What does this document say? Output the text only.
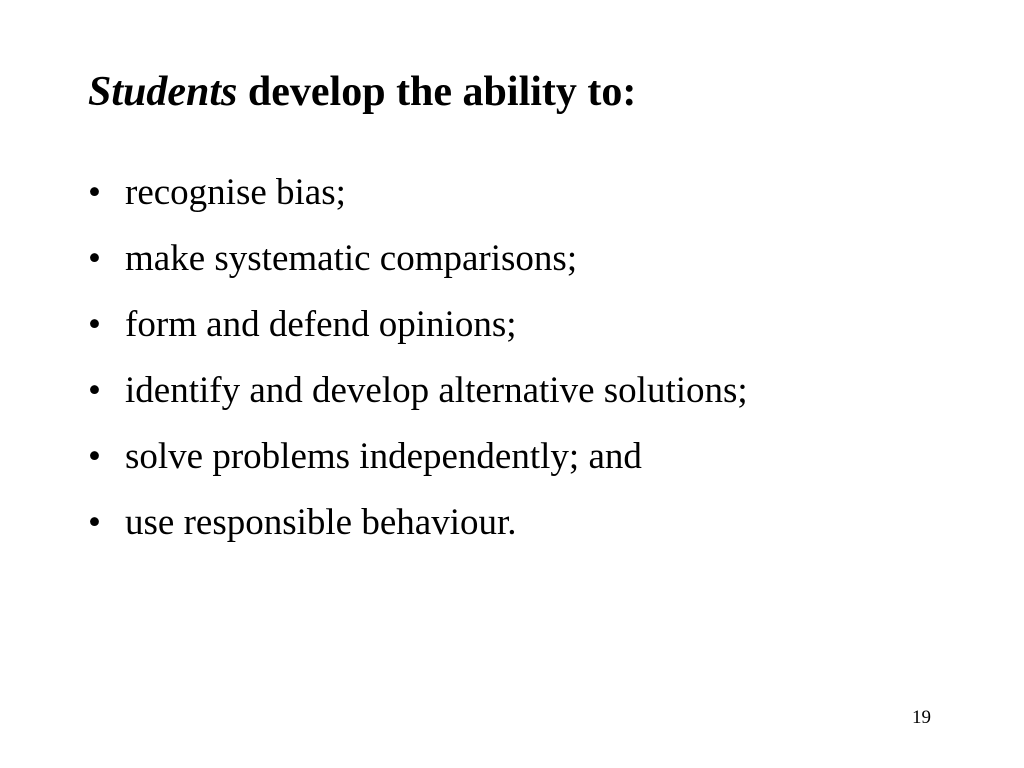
Students develop the ability to:
• recognise bias;
• make systematic comparisons;
• form and defend opinions;
• identify and develop alternative solutions;
• solve problems independently; and
• use responsible behaviour.
19
